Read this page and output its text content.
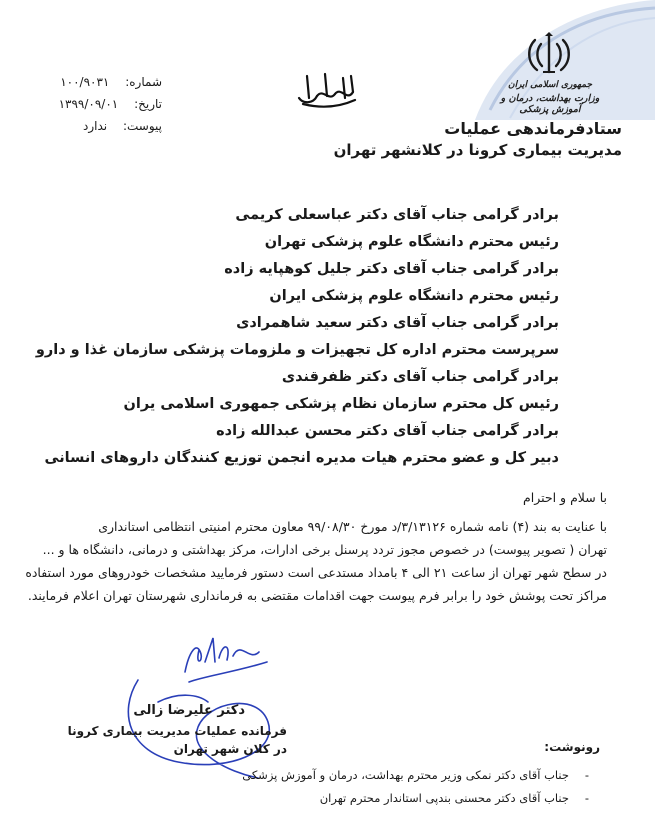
جمهوری اسلامی ایران
وزارت بهداشت، درمان و آموزش پزشکی
ستادفرماندهی عملیات
مدیریت بیماری کرونا در کلانشهر تهران
شماره: ۱۰۰/۹۰۳۱
تاریخ: ۱۳۹۹/۰۹/۰۱
پیوست: ندارد
برادر گرامی جناب آقای دکتر عباسعلی کریمی
رئیس محترم دانشگاه علوم پزشکی تهران
برادر گرامی جناب آقای دکتر جلیل کوهپایه زاده
رئیس محترم دانشگاه علوم پزشکی ایران
برادر گرامی جناب آقای دکتر سعید شاهمرادی
سرپرست محترم اداره کل تجهیزات و ملزومات پزشکی سازمان غذا و دارو
برادر گرامی جناب آقای دکتر ظفرقندی
رئیس کل محترم سازمان نظام پزشکی جمهوری اسلامی یران
برادر گرامی جناب آقای دکتر محسن عبدالله زاده
دبیر کل و عضو محترم هیات مدیره انجمن توزیع کنندگان داروهای انسانی
با سلام و احترام
با عنایت به بند (۴) نامه شماره ۳/۱۳۱۲۶/د مورخ ۹۹/۰۸/۳۰ معاون محترم امنیتی انتظامی استانداری
تهران ( تصویر پیوست) در خصوص مجوز تردد پرسنل برخی ادارات، مرکز بهداشتی و درمانی، دانشگاه ها و ...
در سطح شهر تهران از ساعت ۲۱ الی ۴ بامداد مستدعی است دستور فرمایید مشخصات خودروهای مورد استفاده
مراکز تحت پوشش خود را برابر فرم پیوست جهت اقدامات مقتضی به فرمانداری شهرستان تهران اعلام فرمایند.
دکتر علیرضا زالی
فرمانده عملیات مدیریت بیماری کرونا
در کلان شهر تهران	رونوشت:
-جناب آقای دکتر نمکی وزیر محترم بهداشت، درمان و آموزش پزشکی
-جناب آقای دکتر محسنی بندپی استاندار محترم تهران
